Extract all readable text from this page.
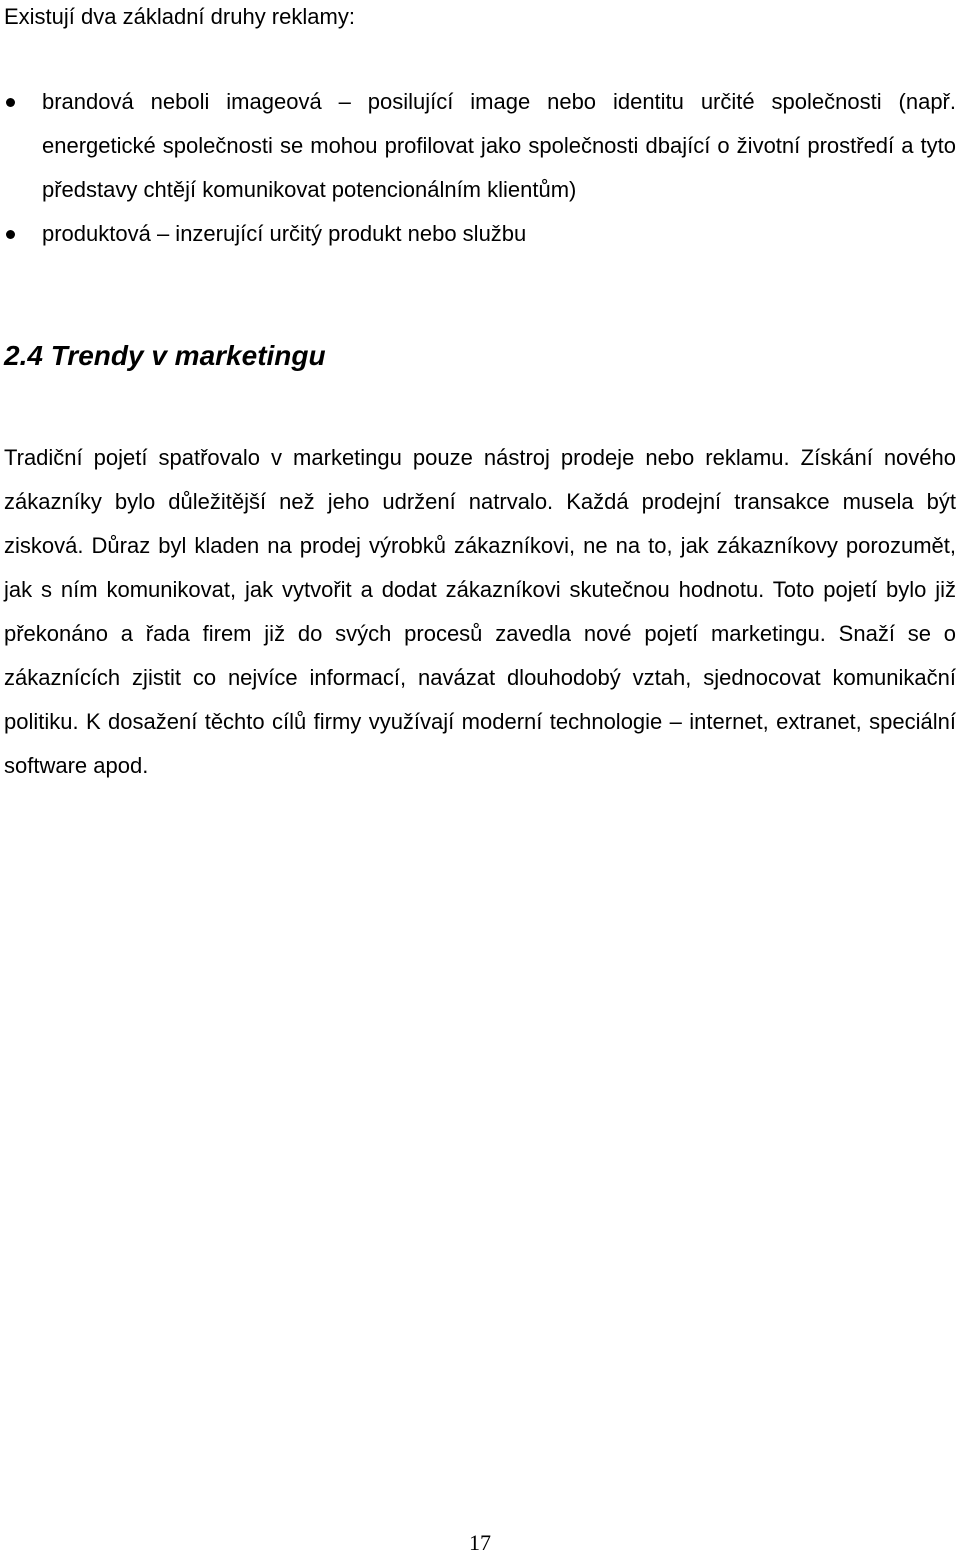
Existují dva základní druhy reklamy:

brandová neboli imageová – posilující image nebo identitu určité společnosti (např. energetické společnosti se mohou profilovat jako společnosti dbající o životní prostředí a tyto představy chtějí komunikovat potencionálním klientům)
produktová – inzerující určitý produkt nebo službu
2.4 Trendy v marketingu

Tradiční pojetí spatřovalo v marketingu pouze nástroj prodeje nebo reklamu. Získání nového zákazníky bylo důležitější než jeho udržení natrvalo. Každá prodejní transakce musela být zisková. Důraz byl kladen na prodej výrobků zákazníkovi, ne na to, jak zákazníkovy porozumět, jak s ním komunikovat, jak vytvořit a dodat zákazníkovi skutečnou hodnotu. Toto pojetí bylo již překonáno a řada firem již do svých procesů zavedla nové pojetí marketingu. Snaží se o zákaznících zjistit co nejvíce informací, navázat dlouhodobý vztah, sjednocovat komunikační politiku. K dosažení těchto cílů firmy využívají moderní technologie – internet, extranet, speciální software apod.

17
